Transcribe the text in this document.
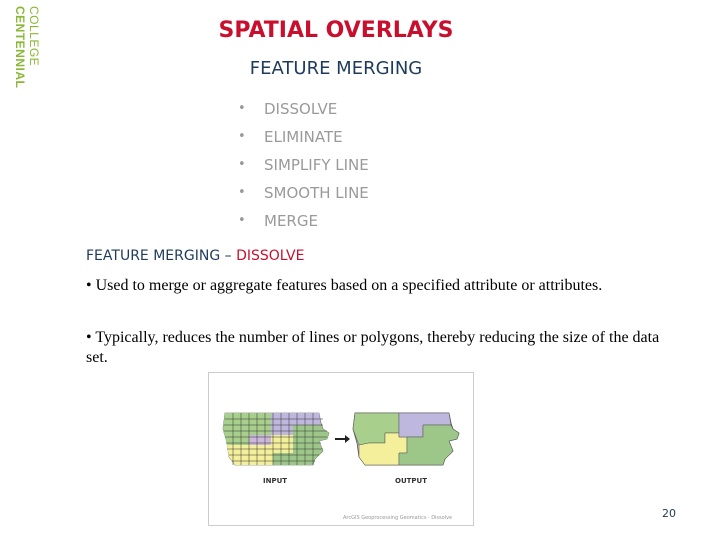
COLLEGE
CENTENNIAL	SPATIAL OVERLAYS
FEATURE MERGING
•	DISSOLVE
•	ELIMINATE
•	SIMPLIFY LINE
•	SMOOTH LINE
•	MERGE
FEATURE MERGING – DISSOLVE
• Used to merge or aggregate features based on a specified attribute or attributes.
• Typically, reduces the number of lines or polygons, thereby reducing the size of the data set.
INPUT	OUTPUT
ArcGIS Geoprocessing Geomatics · Dissolve	20
